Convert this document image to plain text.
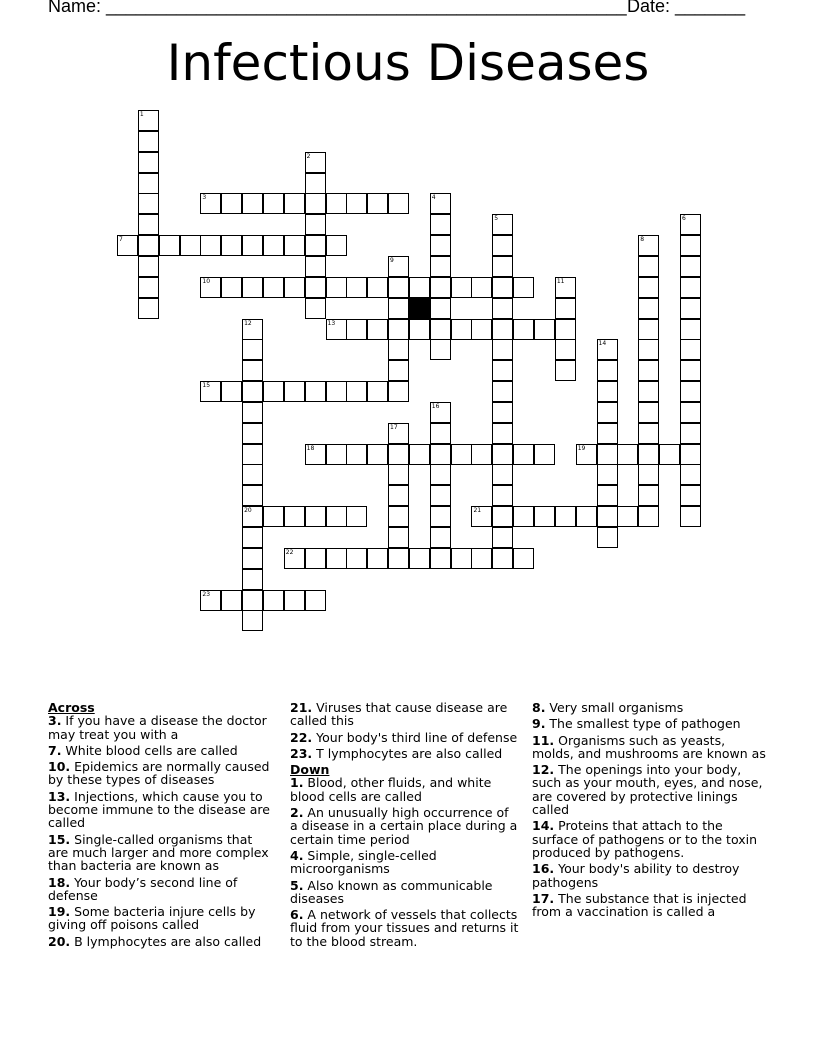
Name: ____________________________________________________ Date: _______
Infectious Diseases
1
2
3	4
5	6
7	8
9
10	11
12
20
13
14
15
16
17
18	19
21
22
23

Across

3. If you have a disease the doctor may treat you with a

7. White blood cells are called

10. Epidemics are normally caused by these types of diseases

13. Injections, which cause you to become immune to the disease are called

15. Single-called organisms that are much larger and more complex than bacteria are known as

18. Your body’s second line of defense

19. Some bacteria injure cells by giving off poisons called

20. B lymphocytes are also called

21. Viruses that cause disease are called this

22. Your body's third line of defense

23. T lymphocytes are also called

Down

1. Blood, other fluids, and white blood cells are called

2. An unusually high occurrence of a disease in a certain place during a certain time period

4. Simple, single-celled microorganisms

5. Also known as communicable diseases

6. A network of vessels that collects fluid from your tissues and returns it to the blood stream.

8. Very small organisms

9. The smallest type of pathogen

11. Organisms such as yeasts, molds, and mushrooms are known as

12. The openings into your body, such as your mouth, eyes, and nose, are covered by protective linings called

14. Proteins that attach to the surface of pathogens or to the toxin produced by pathogens.

16. Your body's ability to destroy pathogens

17. The substance that is injected from a vaccination is called a
